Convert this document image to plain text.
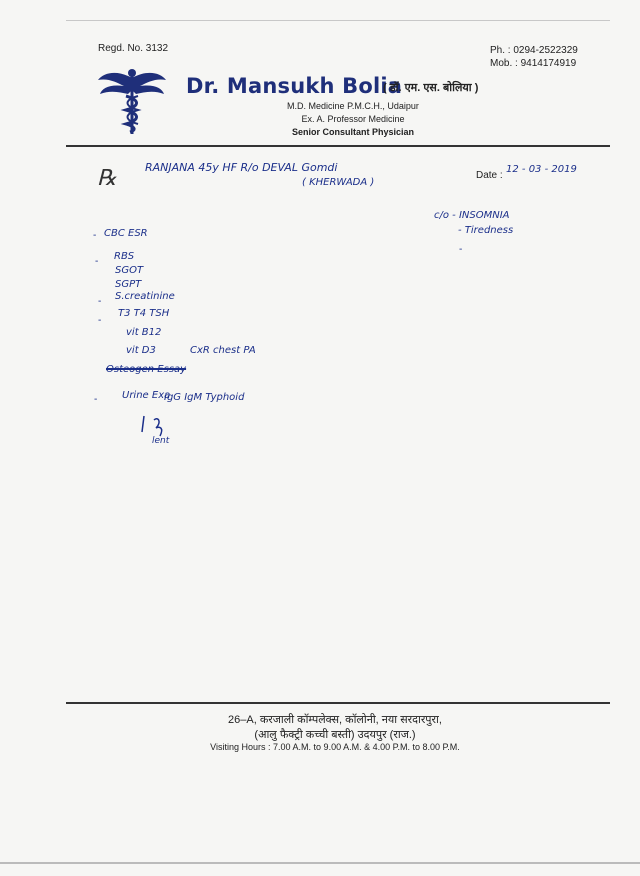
Regd. No. 3132	Ph. : 0294-2522329
Mob. : 9414174919
Dr. Mansukh Bolia
( डॉ. एम. एस. बोलिया )
M.D. Medicine P.M.C.H., Udaipur
Ex. A. Professor Medicine
Senior Consultant Physician
℞	RANJANA 45y HF R/o DEVAL Gomdi
( KHERWADA )
Date :
12 - 03 - 2019
c/o - INSOMNIA
- Tiredness
-
- CBC ESR
- RBS
SGOT
SGPT
- S.creatinine
-
T3 T4 TSH
vit B12
vit D3	CxR chest PA
Osteogen Essay
- Urine Exa
IgG IgM Typhoid
lent
26–A, करजाली कॉम्पलेक्स, कॉलोनी, नया सरदारपुरा,
(आलु फैक्ट्री कच्ची बस्ती) उदयपुर (राज.)
Visiting Hours : 7.00 A.M. to 9.00 A.M. & 4.00 P.M. to 8.00 P.M.
